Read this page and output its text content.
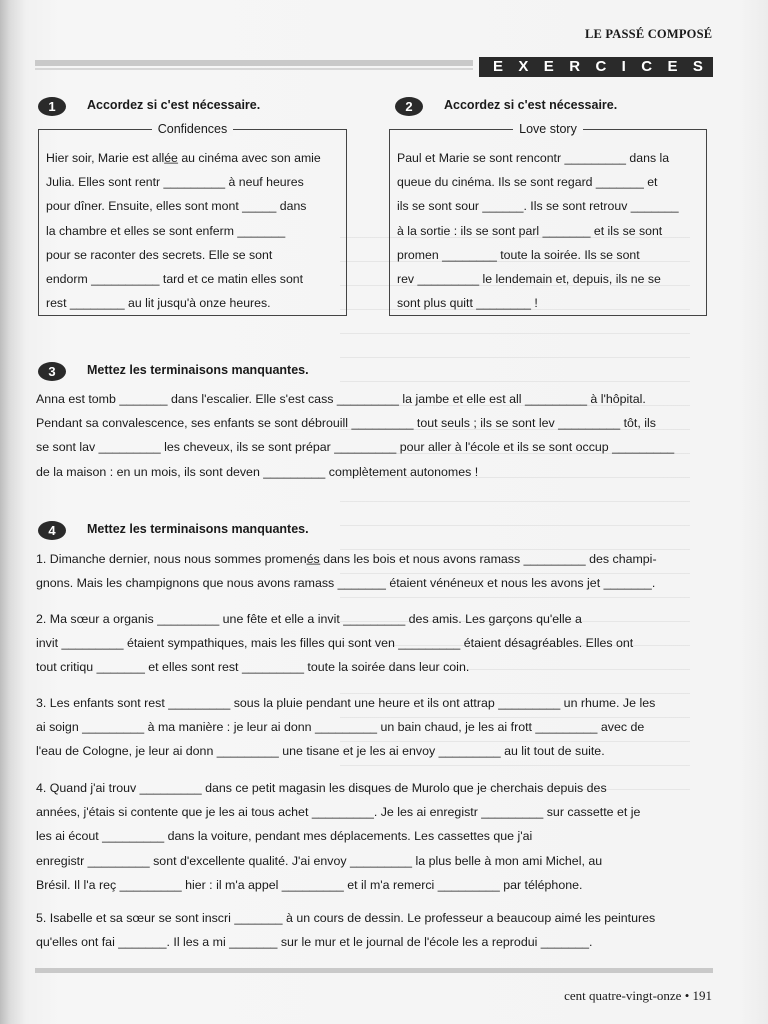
LE PASSÉ COMPOSÉ
EXERCICES
1	Accordez si c'est nécessaire.
Confidences
Hier soir, Marie est allé̲e̲ au cinéma avec son amie
Julia. Elles sont rentr _________ à neuf heures
pour dîner. Ensuite, elles sont mont _____ dans
la chambre et elles se sont enferm _______
pour se raconter des secrets. Elle se sont
endorm __________ tard et ce matin elles sont
rest ________ au lit jusqu'à onze heures.
2	Accordez si c'est nécessaire.
Love story
Paul et Marie se sont rencontr _________ dans la
queue du cinéma. Ils se sont regard _______ et
ils se sont sour ______. Ils se sont retrouv _______
à la sortie : ils se sont parl _______ et ils se sont
promen ________ toute la soirée. Ils se sont
rev _________ le lendemain et, depuis, ils ne se
sont plus quitt ________ !
3	Mettez les terminaisons manquantes.
Anna est tomb _______ dans l'escalier. Elle s'est cass _________ la jambe et elle est all _________ à l'hôpital.
Pendant sa convalescence, ses enfants se sont débrouill _________ tout seuls ; ils se sont lev _________ tôt, ils
se sont lav _________ les cheveux, ils se sont prépar _________ pour aller à l'école et ils se sont occup _________
de la maison : en un mois, ils sont deven _________ complètement autonomes !
4	Mettez les terminaisons manquantes.
1. Dimanche dernier, nous nous sommes promené̲s̲ dans les bois et nous avons ramass _________ des champi-
gnons. Mais les champignons que nous avons ramass _______ étaient vénéneux et nous les avons jet _______.
2. Ma sœur a organis _________ une fête et elle a invit _________ des amis. Les garçons qu'elle a
invit _________ étaient sympathiques, mais les filles qui sont ven _________ étaient désagréables. Elles ont
tout critiqu _______ et elles sont rest _________ toute la soirée dans leur coin.
3. Les enfants sont rest _________ sous la pluie pendant une heure et ils ont attrap _________ un rhume. Je les
ai soign _________ à ma manière : je leur ai donn _________ un bain chaud, je les ai frott _________ avec de
l'eau de Cologne, je leur ai donn _________ une tisane et je les ai envoy _________ au lit tout de suite.
4. Quand j'ai trouv _________ dans ce petit magasin les disques de Murolo que je cherchais depuis des
années, j'étais si contente que je les ai tous achet _________. Je les ai enregistr _________ sur cassette et je
les ai écout _________ dans la voiture, pendant mes déplacements. Les cassettes que j'ai
enregistr _________ sont d'excellente qualité. J'ai envoy _________ la plus belle à mon ami Michel, au
Brésil. Il l'a reç _________ hier : il m'a appel _________ et il m'a remerci _________ par téléphone.
5. Isabelle et sa sœur se sont inscri _______ à un cours de dessin. Le professeur a beaucoup aimé les peintures
qu'elles ont fai _______. Il les a mi _______ sur le mur et le journal de l'école les a reprodui _______.
cent quatre-vingt-onze • 191
